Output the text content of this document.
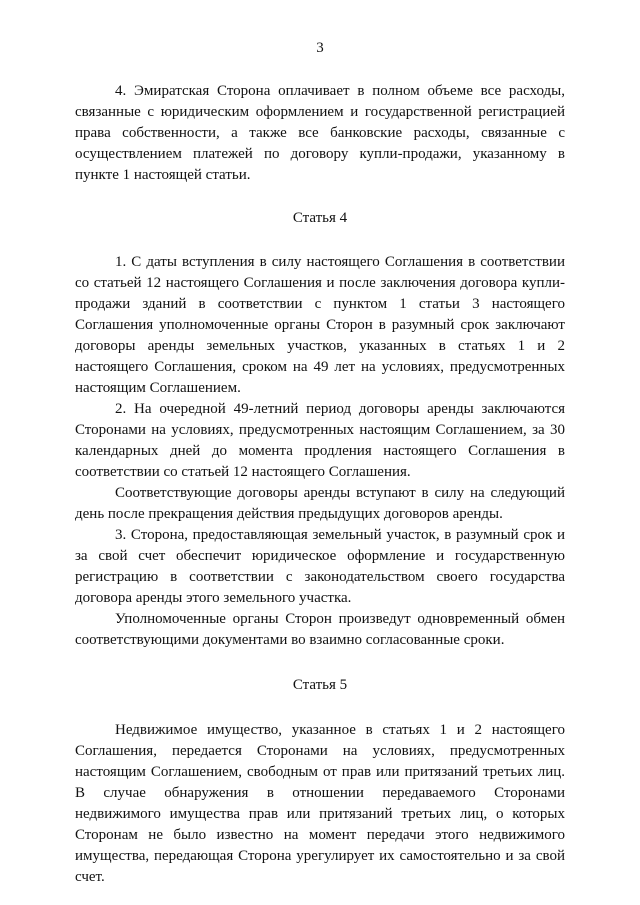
3

4. Эмиратская Сторона оплачивает в полном объеме все расходы, связанные с юридическим оформлением и государственной регистрацией права собственности, а также все банковские расходы, связанные с осуществлением платежей по договору купли-продажи, указанному в пункте 1 настоящей статьи.

Статья 4

1. С даты вступления в силу настоящего Соглашения в соответствии со статьей 12 настоящего Соглашения и после заключения договора купли-продажи зданий в соответствии с пунктом 1 статьи 3 настоящего Соглашения уполномоченные органы Сторон в разумный срок заключают договоры аренды земельных участков, указанных в статьях 1 и 2 настоящего Соглашения, сроком на 49 лет на условиях, предусмотренных настоящим Соглашением.

2. На очередной 49-летний период договоры аренды заключаются Сторонами на условиях, предусмотренных настоящим Соглашением, за 30 календарных дней до момента продления настоящего Соглашения в соответствии со статьей 12 настоящего Соглашения.

Соответствующие договоры аренды вступают в силу на следующий день после прекращения действия предыдущих договоров аренды.

3. Сторона, предоставляющая земельный участок, в разумный срок и за свой счет обеспечит юридическое оформление и государственную регистрацию в соответствии с законодательством своего государства договора аренды этого земельного участка.

Уполномоченные органы Сторон произведут одновременный обмен соответствующими документами во взаимно согласованные сроки.

Статья 5

Недвижимое имущество, указанное в статьях 1 и 2 настоящего Соглашения, передается Сторонами на условиях, предусмотренных настоящим Соглашением, свободным от прав или притязаний третьих лиц. В случае обнаружения в отношении передаваемого Сторонами недвижимого имущества прав или притязаний третьих лиц, о которых Сторонам не было известно на момент передачи этого недвижимого имущества, передающая Сторона урегулирует их самостоятельно и за свой счет.
